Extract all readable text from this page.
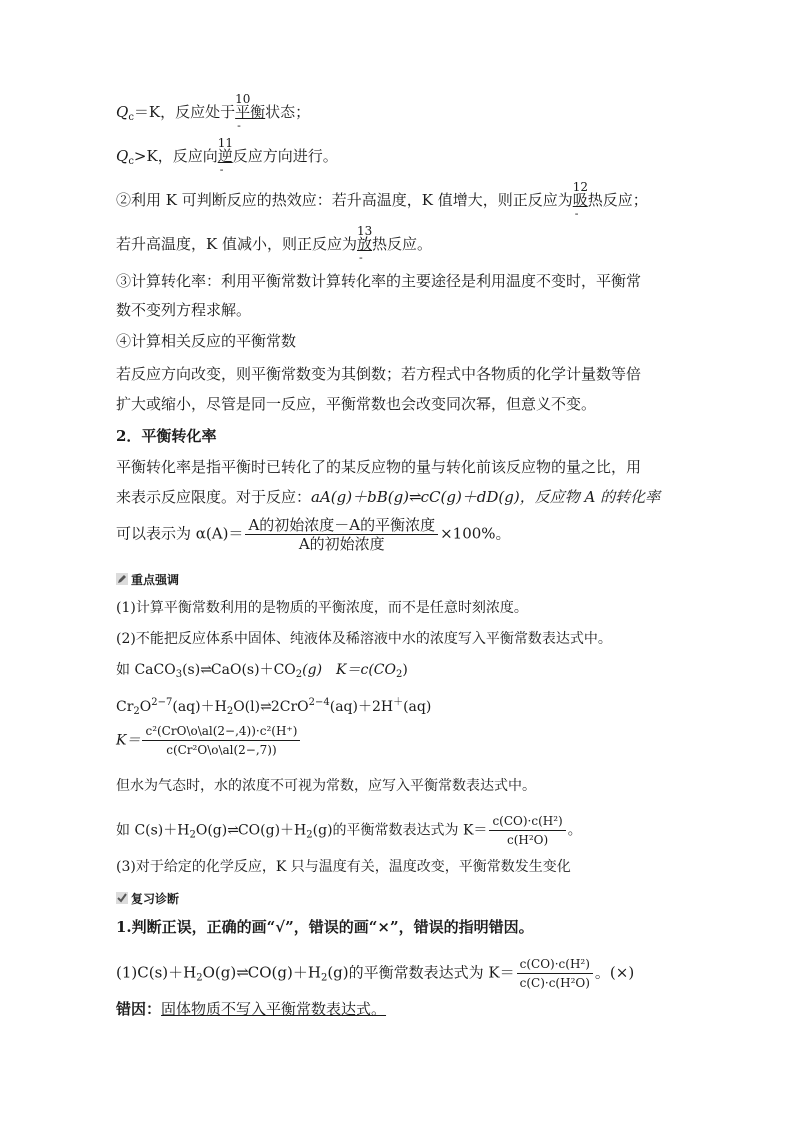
$Q_c=K$，反应处于
10
-
平衡状态；
$Q_c>K$，反应向
11
-
逆反应方向进行。
②利用 K 可判断反应的热效应：若升高温度，K 值增大，则正反应为
12
-
吸热反应；
若升高温度，K 值减小，则正反应为
13
-
放热反应。
③计算转化率：利用平衡常数计算转化率的主要途径是利用温度不变时，平衡常
数不变列方程求解。
④计算相关反应的平衡常数
若反应方向改变，则平衡常数变为其倒数；若方程式中各物质的化学计量数等倍
扩大或缩小，尽管是同一反应，平衡常数也会改变同次幂，但意义不变。
2．平衡转化率
平衡转化率是指平衡时已转化了的某反应物的量与转化前该反应物的量之比，用
来表示反应限度。对于反应：aA(g)＋bB(g)⇌cC(g)＋dD(g)，反应物 A 的转化率
可以表示为 $\alpha(A)= \frac{\text{A的初始浓度－A的平衡浓度}}{\text{A的初始浓度}} \times 100\%$。
重点强调
(1)计算平衡常数利用的是物质的平衡浓度，而不是任意时刻浓度。
(2)不能把反应体系中固体、纯液体及稀溶液中水的浓度写入平衡常数表达式中。
如 $CaCO_3(s)\rightleftharpoons CaO(s)+CO_2(g)$　$K=c(CO_2)$
$Cr_2O^{2-7}(aq)+H_2O(l)\rightleftharpoons 2CrO^{2-4}(aq)+2H^+(aq)$
$K= \frac{\text{c²(CrO\textbackslash{}o\textbackslash{}al(2−,4))·c²(H⁺)}}{\text{c(Cr²O\textbackslash{}o\textbackslash{}al(2−,7))}}$
但水为气态时，水的浓度不可视为常数，应写入平衡常数表达式中。
如 $C(s)+H_2O(g)\rightleftharpoons CO(g)+H_2(g)$的平衡常数表达式为 $K= \frac{\text{c(CO)·c(H²)}}{\text{c(H²O)}}$ 。
(3)对于给定的化学反应，K 只与温度有关，温度改变，平衡常数发生变化
复习诊断
1.判断正误，正确的画“√”，错误的画“×”，错误的指明错因。
$(1)C(s)+H_2O(g)\rightleftharpoons CO(g)+H_2(g)$的平衡常数表达式为 $K= \frac{\text{c(CO)·c(H²)}}{\text{c(C)·c(H²O)}}$ 。(×)
错因：固体物质不写入平衡常数表达式。
